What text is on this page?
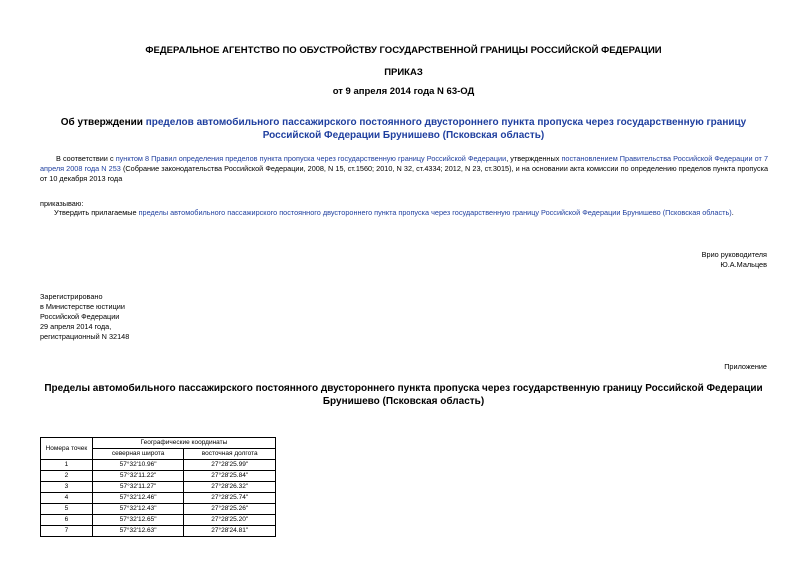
ФЕДЕРАЛЬНОЕ АГЕНТСТВО ПО ОБУСТРОЙСТВУ ГОСУДАРСТВЕННОЙ ГРАНИЦЫ РОССИЙСКОЙ ФЕДЕРАЦИИ
ПРИКАЗ
от 9 апреля 2014 года N 63-ОД
Об утверждении пределов автомобильного пассажирского постоянного двустороннего пункта пропуска через государственную границу Российской Федерации Брунишево (Псковская область)
В соответствии с пунктом 8 Правил определения пределов пункта пропуска через государственную границу Российской Федерации, утвержденных постановлением Правительства Российской Федерации от 7 апреля 2008 года N 253 (Собрание законодательства Российской Федерации, 2008, N 15, ст.1560; 2010, N 32, ст.4334; 2012, N 23, ст.3015), и на основании акта комиссии по определению пределов пункта пропуска от 10 декабря 2013 года
приказываю:
Утвердить прилагаемые пределы автомобильного пассажирского постоянного двустороннего пункта пропуска через государственную границу Российской Федерации Брунишево (Псковская область).
Врио руководителя
Ю.А.Мальцев
Зарегистрировано
в Министерстве юстиции
Российской Федерации
29 апреля 2014 года,
регистрационный N 32148
Приложение
Пределы автомобильного пассажирского постоянного двустороннего пункта пропуска через государственную границу Российской Федерации Брунишево (Псковская область)
Номера точек	Географические координаты	
	северная широта	восточная долгота
1	57°32'10.96"	27°28'25.99"
2	57°32'11.22"	27°28'25.84"
3	57°32'11.27"	27°28'26.32"
4	57°32'12.46"	27°28'25.74"
5	57°32'12.43"	27°28'25.26"
6	57°32'12.65"	27°28'25.20"
7	57°32'12.63"	27°28'24.81"
